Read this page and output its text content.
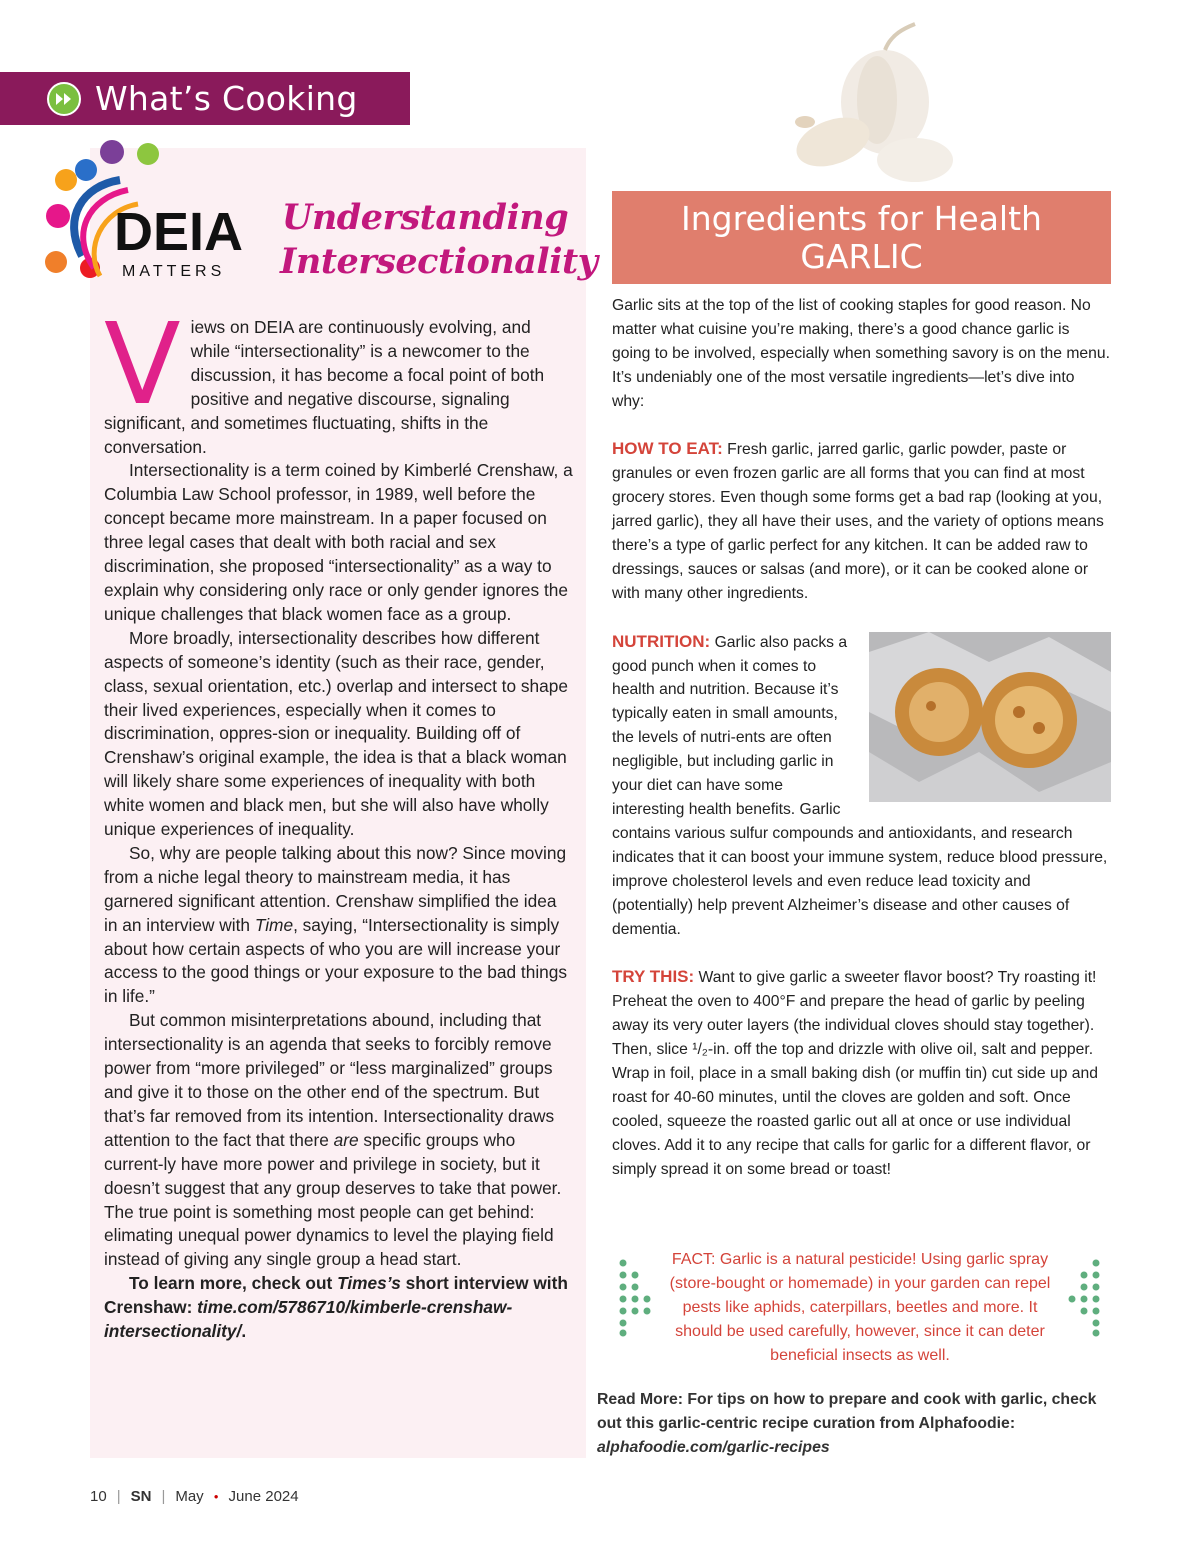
What’s Cooking
DEIA
MATTERS
Understanding
Intersectionality
V iews on DEIA are continuously evolving, and while “intersectionality” is a newcomer to the discussion, it has become a focal point of both positive and negative discourse, signaling significant, and sometimes fluctuating, shifts in the conversation.

Intersectionality is a term coined by Kimberlé Crenshaw, a Columbia Law School professor, in 1989, well before the concept became more mainstream. In a paper focused on three legal cases that dealt with both racial and sex discrimination, she proposed “intersectionality” as a way to explain why considering only race or only gender ignores the unique challenges that black women face as a group.

More broadly, intersectionality describes how different aspects of someone’s identity (such as their race, gender, class, sexual orientation, etc.) overlap and intersect to shape their lived experiences, especially when it comes to discrimination, oppres-sion or inequality. Building off of Crenshaw’s original example, the idea is that a black woman will likely share some experiences of inequality with both white women and black men, but she will also have wholly unique experiences of inequality.

So, why are people talking about this now? Since moving from a niche legal theory to mainstream media, it has garnered significant attention. Crenshaw simplified the idea in an interview with Time, saying, “Intersectionality is simply about how certain aspects of who you are will increase your access to the good things or your exposure to the bad things in life.”

But common misinterpretations abound, including that intersectionality is an agenda that seeks to forcibly remove power from “more privileged” or “less marginalized” groups and give it to those on the other end of the spectrum. But that’s far removed from its intention. Intersectionality draws attention to the fact that there are specific groups who current-ly have more power and privilege in society, but it doesn’t suggest that any group deserves to take that power. The true point is something most people can get behind: elimating unequal power dynamics to level the playing field instead of giving any single group a head start.

To learn more, check out Times’s short interview with Crenshaw: time.com/5786710/kimberle-crenshaw-intersectionality/.

Ingredients for Health
GARLIC

Garlic sits at the top of the list of cooking staples for good reason. No matter what cuisine you’re making, there’s a good chance garlic is going to be involved, especially when something savory is on the menu. It’s undeniably one of the most versatile ingredients—let’s dive into why:

HOW TO EAT: Fresh garlic, jarred garlic, garlic powder, paste or granules or even frozen garlic are all forms that you can find at most grocery stores. Even though some forms get a bad rap (looking at you, jarred garlic), they all have their uses, and the variety of options means there’s a type of garlic perfect for any kitchen. It can be added raw to dressings, sauces or salsas (and more), or it can be cooked alone or with many other ingredients.

NUTRITION: Garlic also packs a good punch when it comes to health and nutrition. Because it’s typically eaten in small amounts, the levels of nutri-ents are often negligible, but including garlic in your diet can have some interesting health benefits. Garlic contains various sulfur compounds and antioxidants, and research indicates that it can boost your immune system, reduce blood pressure, improve cholesterol levels and even reduce lead toxicity and (potentially) help prevent Alzheimer’s disease and other causes of dementia.

TRY THIS: Want to give garlic a sweeter flavor boost? Try roasting it! Preheat the oven to 400°F and prepare the head of garlic by peeling away its very outer layers (the individual cloves should stay together). Then, slice ¹/₂-in. off the top and drizzle with olive oil, salt and pepper. Wrap in foil, place in a small baking dish (or muffin tin) cut side up and roast for 40-60 minutes, until the cloves are golden and soft. Once cooled, squeeze the roasted garlic out all at once or use individual cloves. Add it to any recipe that calls for garlic for a different flavor, or simply spread it on some bread or toast!

FACT: Garlic is a natural pesticide! Using garlic spray (store-bought or homemade) in your garden can repel pests like aphids, caterpillars, beetles and more. It should be used carefully, however, since it can deter beneficial insects as well.
Read More: For tips on how to prepare and cook with garlic, check out this garlic-centric recipe curation from Alphafoodie: alphafoodie.com/garlic-recipes
10 | SN | May ● June 2024
